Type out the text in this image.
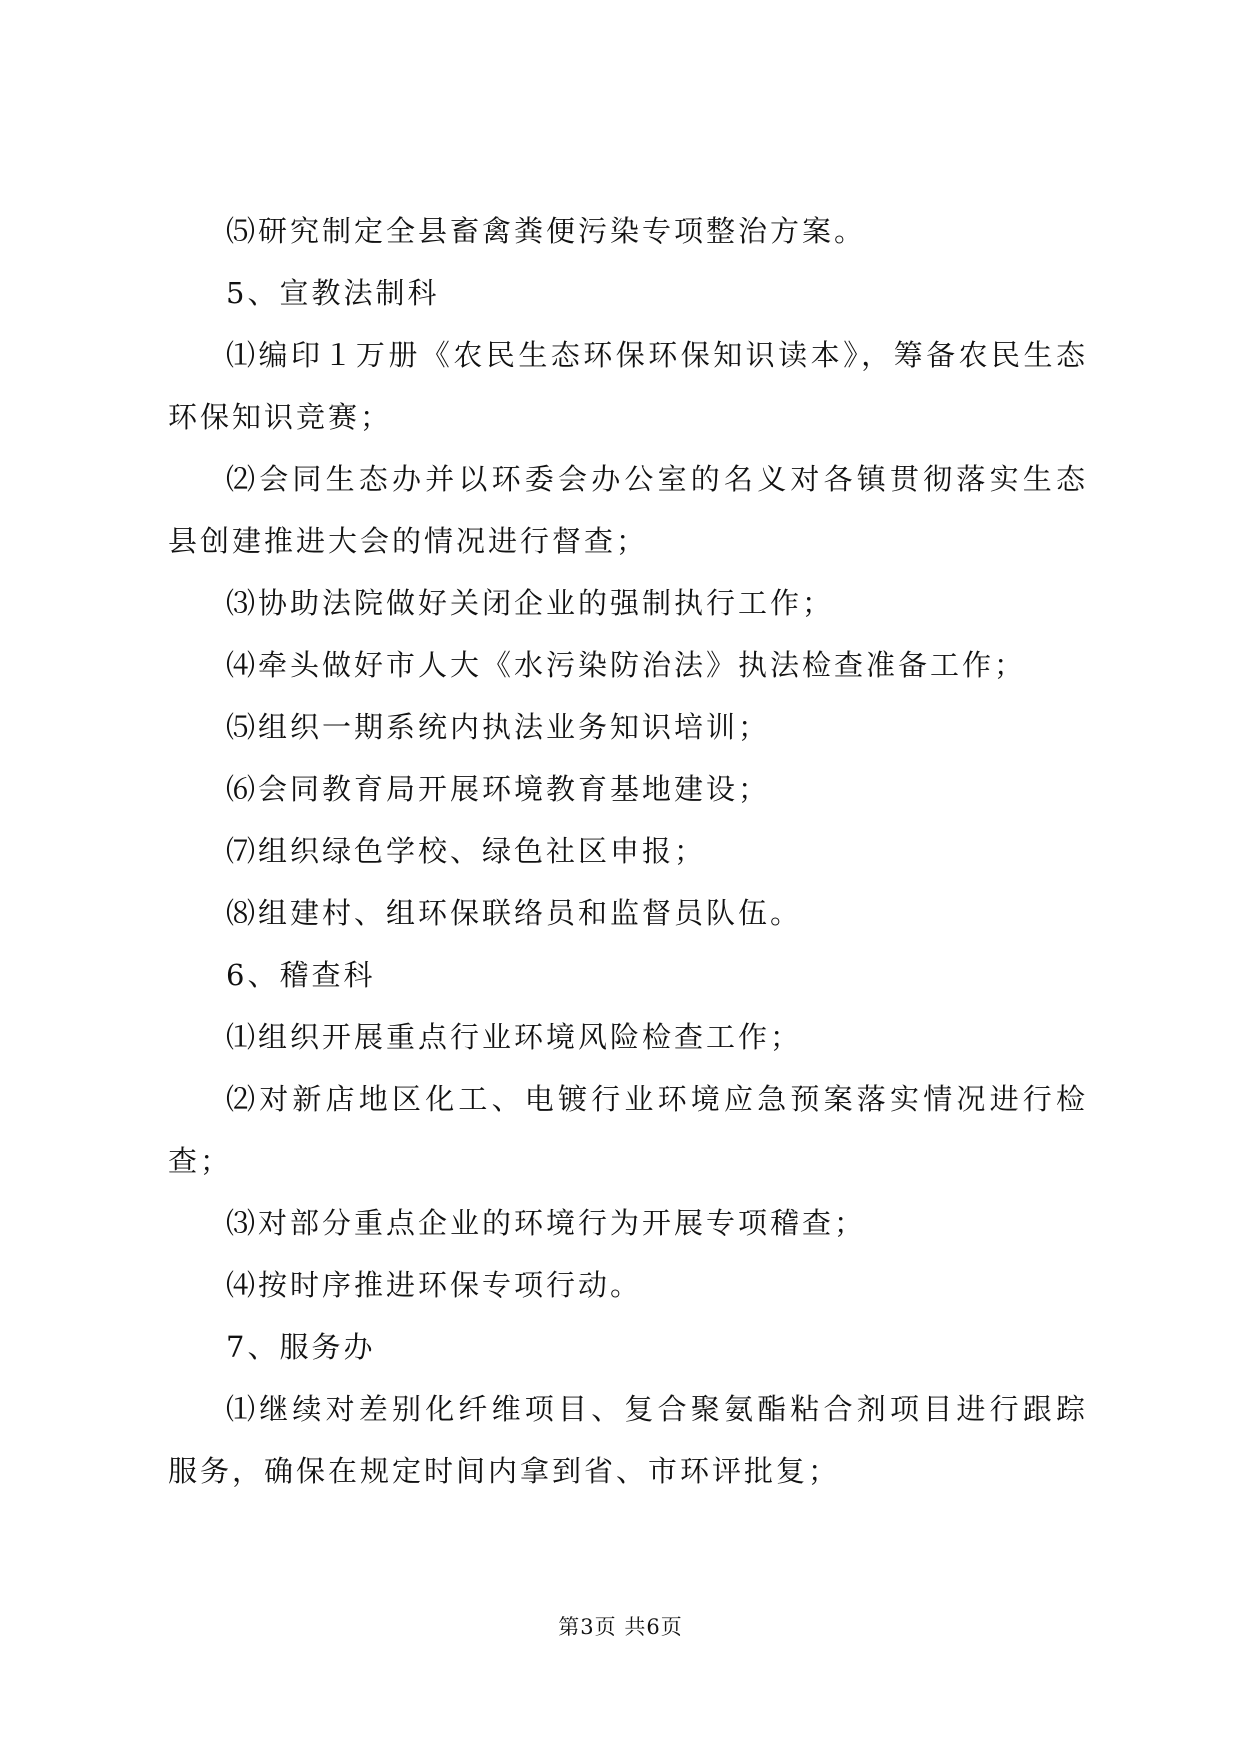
⑸研究制定全县畜禽粪便污染专项整治方案。

5、宣教法制科

⑴编印１万册《农民生态环保环保知识读本》，筹备农民生态环保知识竞赛；

⑵会同生态办并以环委会办公室的名义对各镇贯彻落实生态县创建推进大会的情况进行督查；

⑶协助法院做好关闭企业的强制执行工作；

⑷牵头做好市人大《水污染防治法》执法检查准备工作；

⑸组织一期系统内执法业务知识培训；

⑹会同教育局开展环境教育基地建设；

⑺组织绿色学校、绿色社区申报；

⑻组建村、组环保联络员和监督员队伍。

6、稽查科

⑴组织开展重点行业环境风险检查工作；

⑵对新店地区化工、电镀行业环境应急预案落实情况进行检查；

⑶对部分重点企业的环境行为开展专项稽查；

⑷按时序推进环保专项行动。

7、服务办

⑴继续对差别化纤维项目、复合聚氨酯粘合剂项目进行跟踪服务，确保在规定时间内拿到省、市环评批复；

第3页 共6页
